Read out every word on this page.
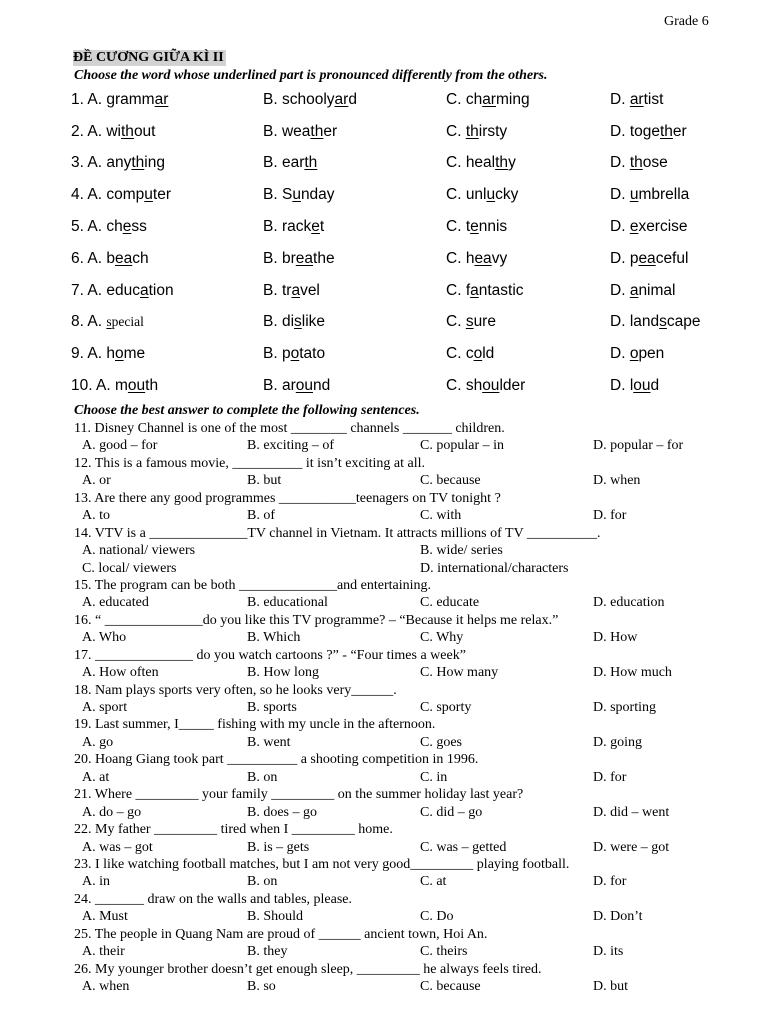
Grade 6
ĐỀ CƯƠNG GIỮA KÌ II
Choose the word whose underlined part is pronounced differently from the others.
1. A. grammar	B. schoolyard	C. charming	D. artist
2. A. without	B. weather	C. thirsty	D. together
3. A. anything	B. earth	C. healthy	D. those
4. A. computer	B. Sunday	C. unlucky	D. umbrella
5. A. chess	B. racket	C. tennis	D. exercise
6. A. beach	B. breathe	C. heavy	D. peaceful
7. A. education	B. travel	C. fantastic	D. animal
8. A. special	B. dislike	C. sure	D. landscape
9. A. home	B. potato	C. cold	D. open
10. A. mouth	B. around	C. shoulder	D. loud
Choose the best answer to complete the following sentences.
11. Disney Channel is one of the most ________ channels _______ children.
A. good – for	B. exciting – of	C. popular – in	D. popular – for
12. This is a famous movie, __________ it isn’t exciting at all.
A. or	B. but	C. because	D. when
13. Are there any good programmes ___________teenagers on TV tonight ?
A. to	B. of	C. with	D. for
14. VTV is a ______________TV channel in Vietnam. It attracts millions of TV __________.
A. national/ viewers	B. wide/ series
C. local/ viewers	D. international/characters
15. The program can be both ______________and entertaining.
A. educated	B. educational	C. educate	D. education
16. “ ______________do you like this TV programme? – “Because it helps me relax.”
A. Who	B. Which	C. Why	D. How
17. ______________ do you watch cartoons ?” - “Four times a week”
A. How often	B. How long	C. How many	D. How much
18. Nam plays sports very often, so he looks very______.
A. sport	B. sports	C. sporty	D. sporting
19. Last summer, I_____ fishing with my uncle in the afternoon.
A. go	B. went	C. goes	D. going
20. Hoang Giang took part __________ a shooting competition in 1996.
A. at	B. on	C. in	D. for
21. Where _________ your family _________ on the summer holiday last year?
A. do – go	B. does – go	C. did – go	D. did – went
22. My father _________ tired when I _________ home.
A. was – got	B. is – gets	C. was – getted	D. were – got
23. I like watching football matches, but I am not very good_________ playing football.
A. in	B. on	C. at	D. for
24. _______ draw on the walls and tables, please.
A. Must	B. Should	C. Do	D. Don’t
25. The people in Quang Nam are proud of ______ ancient town, Hoi An.
A. their	B. they	C. theirs	D. its
26. My younger brother doesn’t get enough sleep, _________ he always feels tired.
A. when	B. so	C. because	D. but
